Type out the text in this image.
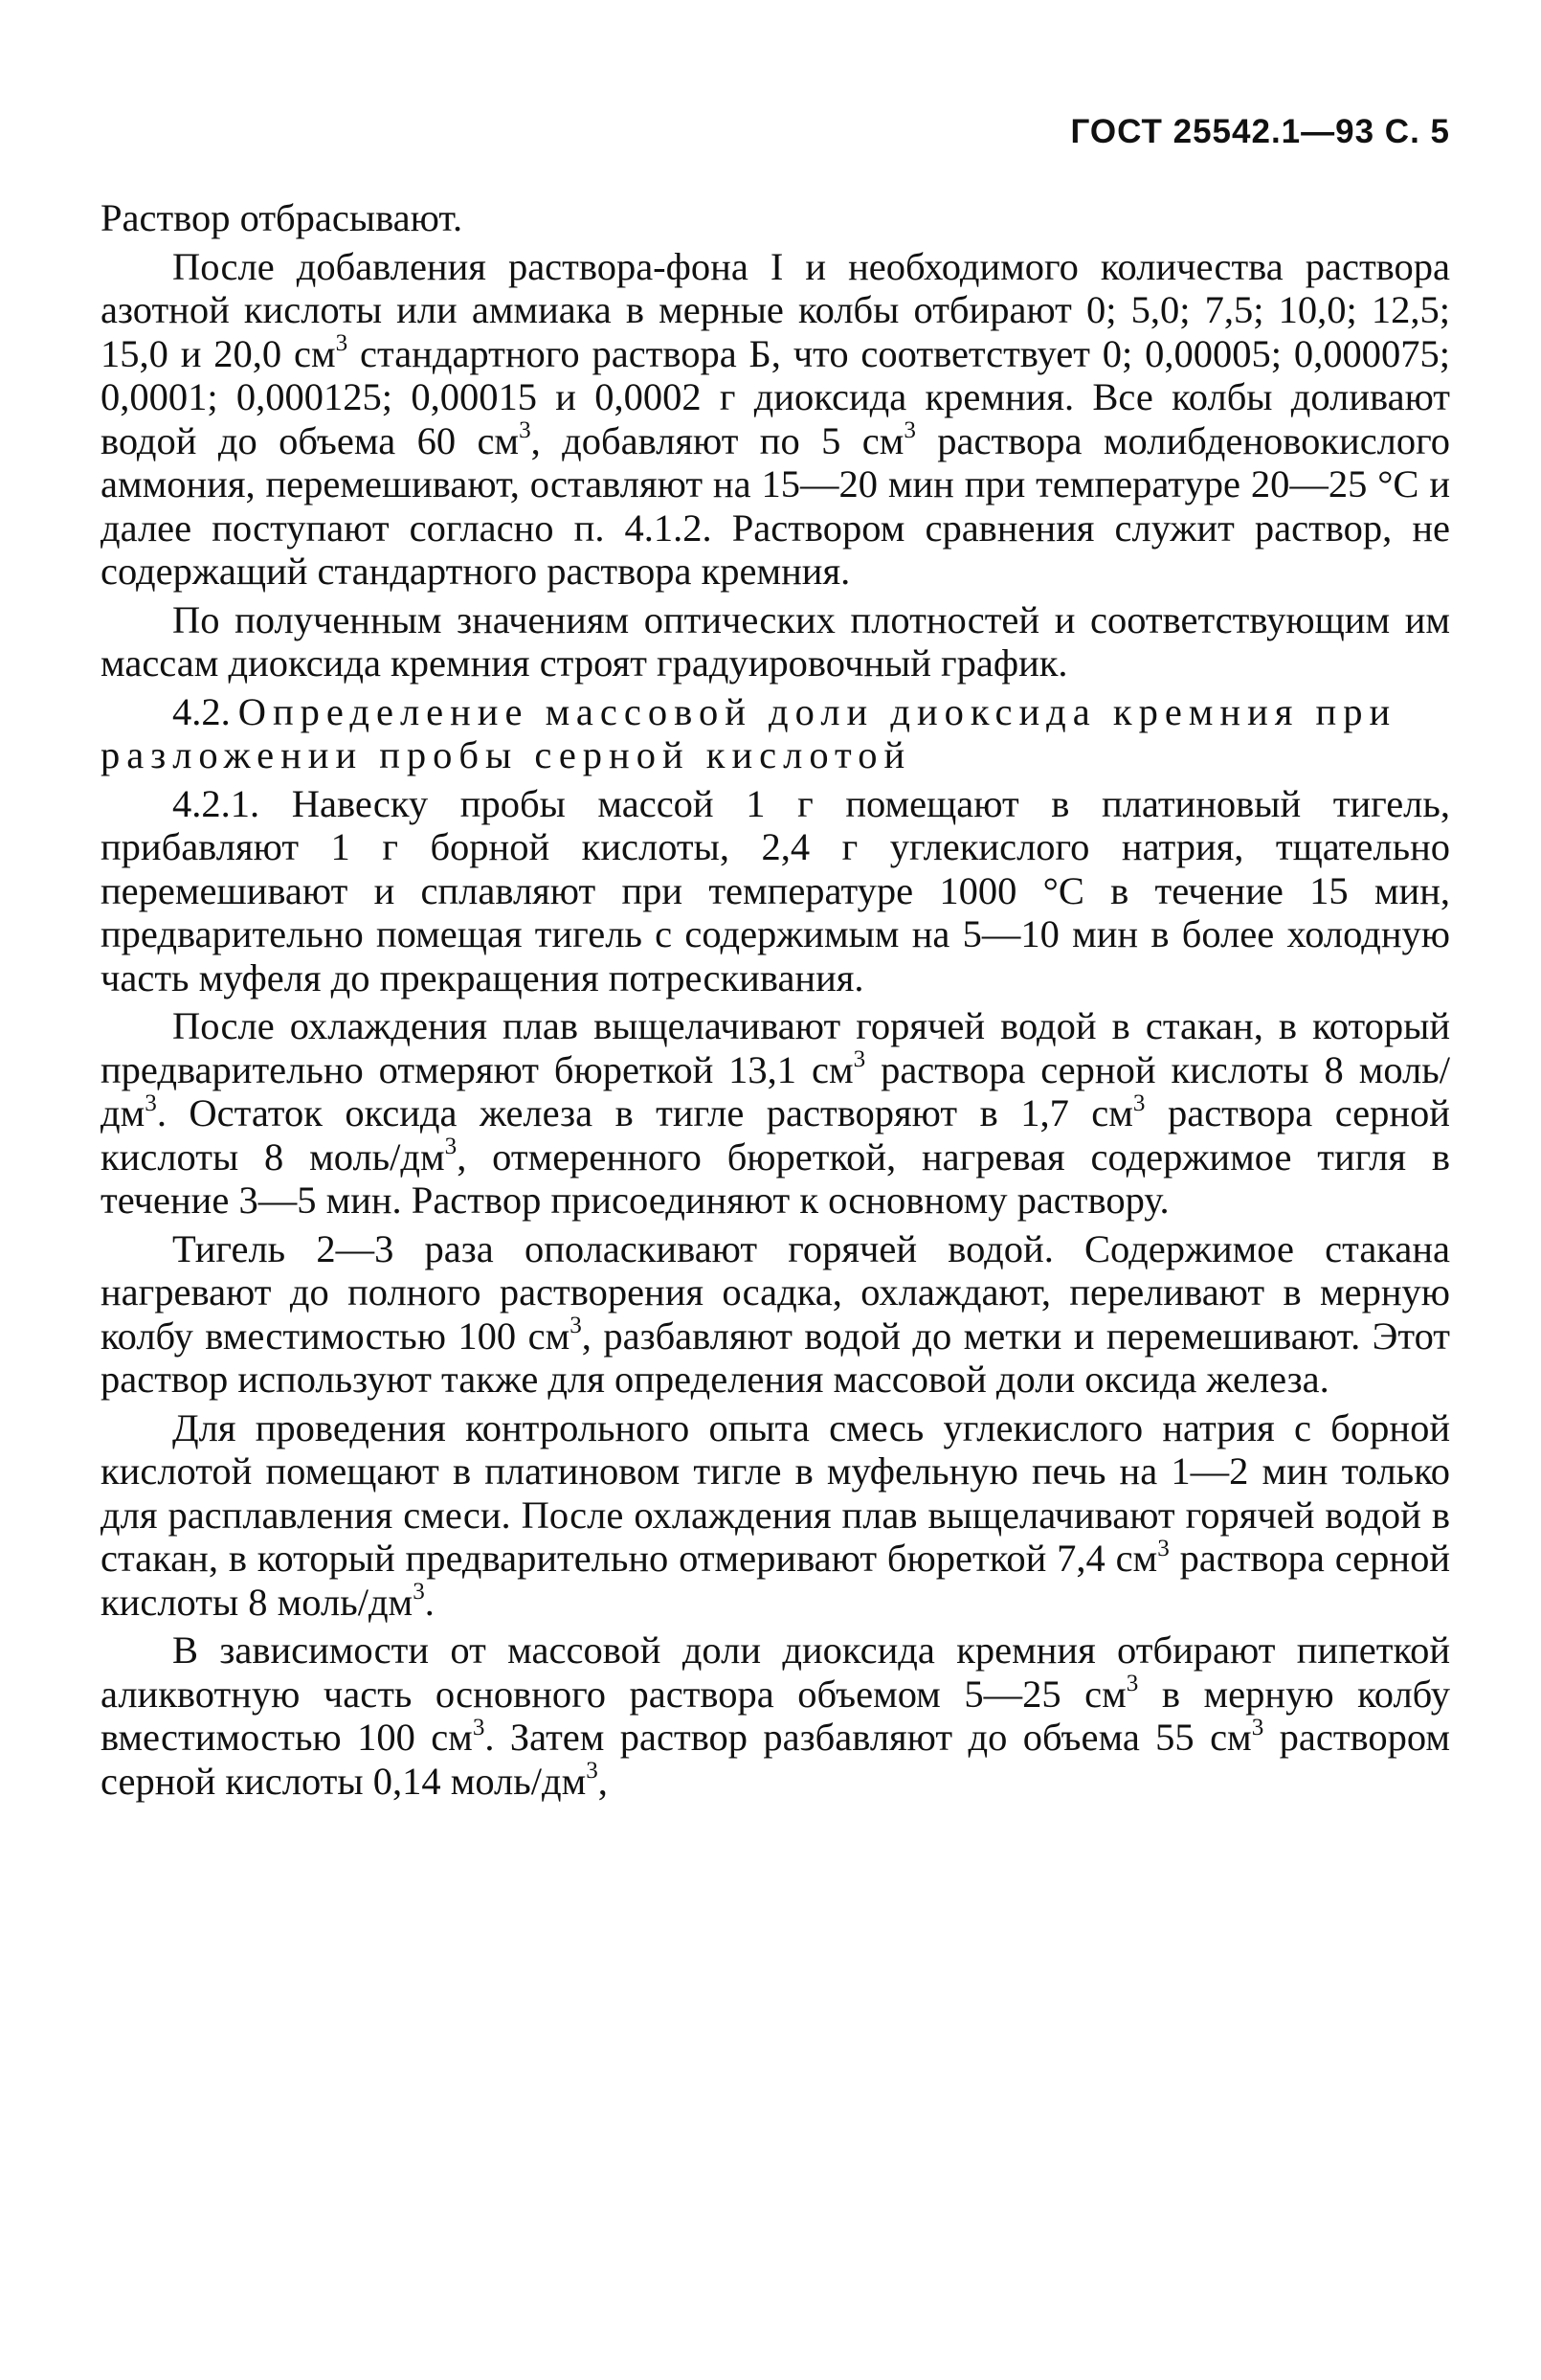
ГОСТ 25542.1—93 С. 5

Раствор отбрасывают.

После добавления раствора-фона I и необходимого количества раствора азотной кислоты или аммиака в мерные колбы отбирают 0; 5,0; 7,5; 10,0; 12,5; 15,0 и 20,0 $см^3$ стандартного раствора Б, что соответствует 0; 0,00005; 0,000075; 0,0001; 0,000125; 0,00015 и 0,0002 г диоксида кремния. Все колбы доливают водой до объема 60 $см^3$, добавляют по 5 $см^3$ раствора молибденовокислого аммония, перемешивают, оставляют на 15—20 мин при температуре 20—25 °С и далее поступают согласно п. 4.1.2. Раствором сравнения служит раствор, не содержащий стандартного раствора кремния.

По полученным значениям оптических плотностей и соответствующим им массам диоксида кремния строят градуировочный график.

4.2. Определение массовой доли диоксида кремния при разложении пробы серной кислотой

4.2.1. Навеску пробы массой 1 г помещают в платиновый тигель, прибавляют 1 г борной кислоты, 2,4 г углекислого натрия, тщательно перемешивают и сплавляют при температуре 1000 °С в течение 15 мин, предварительно помещая тигель с содержимым на 5—10 мин в более холодную часть муфеля до прекращения потрескивания.

После охлаждения плав выщелачивают горячей водой в стакан, в который предварительно отмеряют бюреткой 13,1 $см^3$ раствора серной кислоты 8 моль/$дм^3$. Остаток оксида железа в тигле растворяют в 1,7 $см^3$ раствора серной кислоты 8 моль/$дм^3$, отмеренного бюреткой, нагревая содержимое тигля в течение 3—5 мин. Раствор присоединяют к основному раствору.

Тигель 2—3 раза ополаскивают горячей водой. Содержимое стакана нагревают до полного растворения осадка, охлаждают, переливают в мерную колбу вместимостью 100 $см^3$, разбавляют водой до метки и перемешивают. Этот раствор используют также для определения массовой доли оксида железа.

Для проведения контрольного опыта смесь углекислого натрия с борной кислотой помещают в платиновом тигле в муфельную печь на 1—2 мин только для расплавления смеси. После охлаждения плав выщелачивают горячей водой в стакан, в который предварительно отмеривают бюреткой 7,4 $см^3$ раствора серной кислоты 8 моль/$дм^3$.

В зависимости от массовой доли диоксида кремния отбирают пипеткой аликвотную часть основного раствора объемом 5—25 $см^3$ в мерную колбу вместимостью 100 $см^3$. Затем раствор разбавляют до объема 55 $см^3$ раствором серной кислоты 0,14 моль/$дм^3$,
